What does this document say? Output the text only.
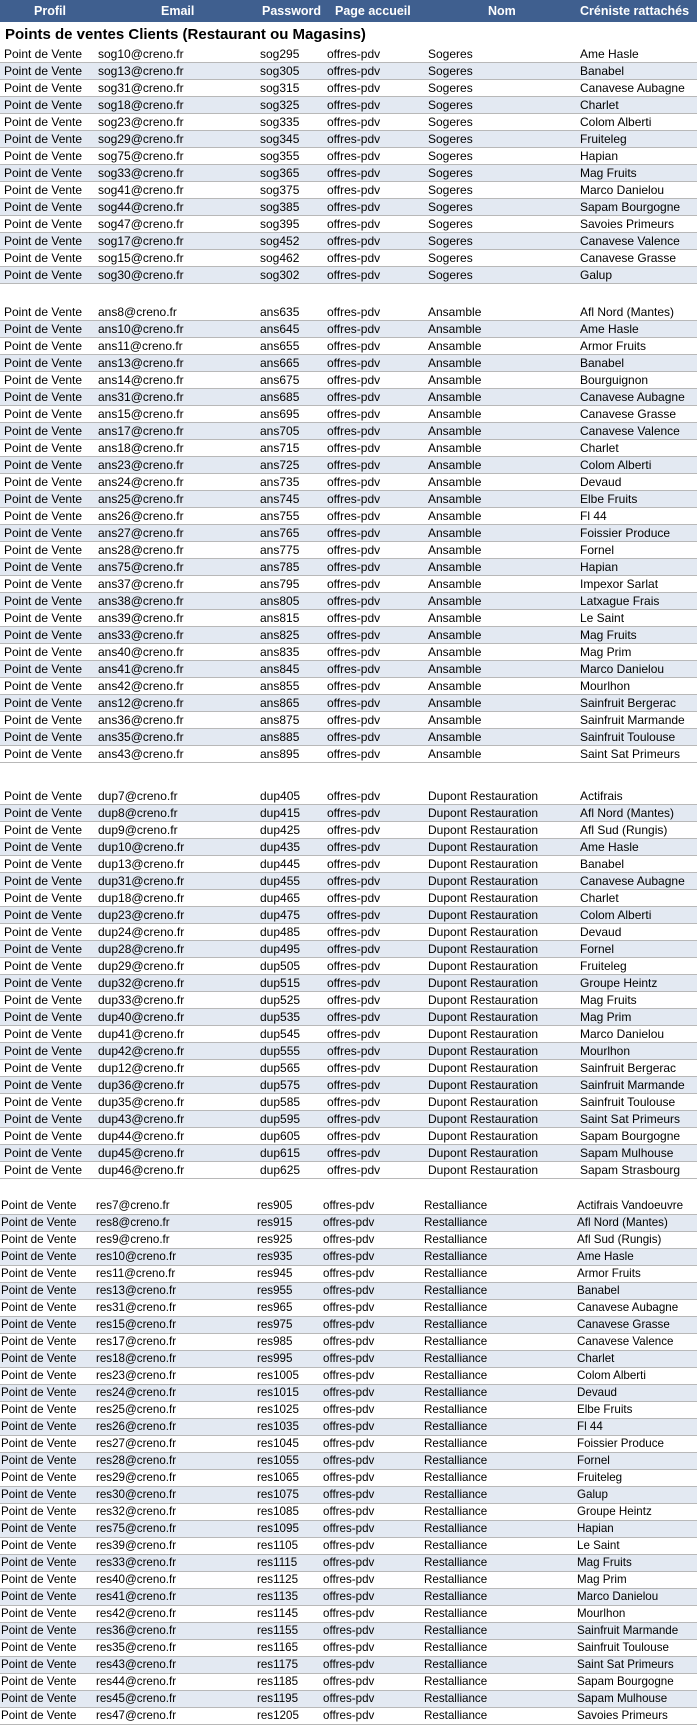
Profil	Email	Password Page accueil	Nom	Créniste rattachés
Points de ventes Clients (Restaurant ou Magasins)
Point de Vente sog10@creno.fr	sog295 offres-pdv	Sogeres	Ame Hasle
Point de Vente sog13@creno.fr	sog305 offres-pdv	Sogeres	Banabel
Point de Vente sog31@creno.fr	sog315 offres-pdv	Sogeres	Canavese Aubagne
Point de Vente sog18@creno.fr	sog325 offres-pdv	Sogeres	Charlet
Point de Vente sog23@creno.fr	sog335 offres-pdv	Sogeres	Colom Alberti
Point de Vente sog29@creno.fr	sog345 offres-pdv	Sogeres	Fruiteleg
Point de Vente sog75@creno.fr	sog355 offres-pdv	Sogeres	Hapian
Point de Vente sog33@creno.fr	sog365 offres-pdv	Sogeres	Mag Fruits
Point de Vente sog41@creno.fr	sog375 offres-pdv	Sogeres	Marco Danielou
Point de Vente sog44@creno.fr	sog385 offres-pdv	Sogeres	Sapam Bourgogne
Point de Vente sog47@creno.fr	sog395 offres-pdv	Sogeres	Savoies Primeurs
Point de Vente sog17@creno.fr	sog452 offres-pdv	Sogeres	Canavese Valence
Point de Vente sog15@creno.fr	sog462 offres-pdv	Sogeres	Canavese Grasse
Point de Vente sog30@creno.fr	sog302 offres-pdv	Sogeres	Galup
Point de Vente ans8@creno.fr	ans635 offres-pdv	Ansamble	Afl Nord (Mantes)
Point de Vente ans10@creno.fr	ans645 offres-pdv	Ansamble	Ame Hasle
Point de Vente ans11@creno.fr	ans655 offres-pdv	Ansamble	Armor Fruits
Point de Vente ans13@creno.fr	ans665 offres-pdv	Ansamble	Banabel
Point de Vente ans14@creno.fr	ans675 offres-pdv	Ansamble	Bourguignon
Point de Vente ans31@creno.fr	ans685 offres-pdv	Ansamble	Canavese Aubagne
Point de Vente ans15@creno.fr	ans695 offres-pdv	Ansamble	Canavese Grasse
Point de Vente ans17@creno.fr	ans705 offres-pdv	Ansamble	Canavese Valence
Point de Vente ans18@creno.fr	ans715 offres-pdv	Ansamble	Charlet
Point de Vente ans23@creno.fr	ans725 offres-pdv	Ansamble	Colom Alberti
Point de Vente ans24@creno.fr	ans735 offres-pdv	Ansamble	Devaud
Point de Vente ans25@creno.fr	ans745 offres-pdv	Ansamble	Elbe Fruits
Point de Vente ans26@creno.fr	ans755 offres-pdv	Ansamble	Fl 44
Point de Vente ans27@creno.fr	ans765 offres-pdv	Ansamble	Foissier Produce
Point de Vente ans28@creno.fr	ans775 offres-pdv	Ansamble	Fornel
Point de Vente ans75@creno.fr	ans785 offres-pdv	Ansamble	Hapian
Point de Vente ans37@creno.fr	ans795 offres-pdv	Ansamble	Impexor Sarlat
Point de Vente ans38@creno.fr	ans805 offres-pdv	Ansamble	Latxague Frais
Point de Vente ans39@creno.fr	ans815 offres-pdv	Ansamble	Le Saint
Point de Vente ans33@creno.fr	ans825 offres-pdv	Ansamble	Mag Fruits
Point de Vente ans40@creno.fr	ans835 offres-pdv	Ansamble	Mag Prim
Point de Vente ans41@creno.fr	ans845 offres-pdv	Ansamble	Marco Danielou
Point de Vente ans42@creno.fr	ans855 offres-pdv	Ansamble	Mourlhon
Point de Vente ans12@creno.fr	ans865 offres-pdv	Ansamble	Sainfruit Bergerac
Point de Vente ans36@creno.fr	ans875 offres-pdv	Ansamble	Sainfruit Marmande
Point de Vente ans35@creno.fr	ans885 offres-pdv	Ansamble	Sainfruit Toulouse
Point de Vente ans43@creno.fr	ans895 offres-pdv	Ansamble	Saint Sat Primeurs
Point de Vente dup7@creno.fr	dup405 offres-pdv	Dupont Restauration	Actifrais
Point de Vente dup8@creno.fr	dup415 offres-pdv	Dupont Restauration	Afl Nord (Mantes)
Point de Vente dup9@creno.fr	dup425 offres-pdv	Dupont Restauration	Afl Sud (Rungis)
Point de Vente dup10@creno.fr	dup435 offres-pdv	Dupont Restauration	Ame Hasle
Point de Vente dup13@creno.fr	dup445 offres-pdv	Dupont Restauration	Banabel
Point de Vente dup31@creno.fr	dup455 offres-pdv	Dupont Restauration	Canavese Aubagne
Point de Vente dup18@creno.fr	dup465 offres-pdv	Dupont Restauration	Charlet
Point de Vente dup23@creno.fr	dup475 offres-pdv	Dupont Restauration	Colom Alberti
Point de Vente dup24@creno.fr	dup485 offres-pdv	Dupont Restauration	Devaud
Point de Vente dup28@creno.fr	dup495 offres-pdv	Dupont Restauration	Fornel
Point de Vente dup29@creno.fr	dup505 offres-pdv	Dupont Restauration	Fruiteleg
Point de Vente dup32@creno.fr	dup515 offres-pdv	Dupont Restauration	Groupe Heintz
Point de Vente dup33@creno.fr	dup525 offres-pdv	Dupont Restauration	Mag Fruits
Point de Vente dup40@creno.fr	dup535 offres-pdv	Dupont Restauration	Mag Prim
Point de Vente dup41@creno.fr	dup545 offres-pdv	Dupont Restauration	Marco Danielou
Point de Vente dup42@creno.fr	dup555 offres-pdv	Dupont Restauration	Mourlhon
Point de Vente dup12@creno.fr	dup565 offres-pdv	Dupont Restauration	Sainfruit Bergerac
Point de Vente dup36@creno.fr	dup575 offres-pdv	Dupont Restauration	Sainfruit Marmande
Point de Vente dup35@creno.fr	dup585 offres-pdv	Dupont Restauration	Sainfruit Toulouse
Point de Vente dup43@creno.fr	dup595 offres-pdv	Dupont Restauration	Saint Sat Primeurs
Point de Vente dup44@creno.fr	dup605 offres-pdv	Dupont Restauration	Sapam Bourgogne
Point de Vente dup45@creno.fr	dup615 offres-pdv	Dupont Restauration	Sapam Mulhouse
Point de Vente dup46@creno.fr	dup625 offres-pdv	Dupont Restauration	Sapam Strasbourg
Point de Vente res7@creno.fr	res905	offres-pdv	Restalliance	Actifrais Vandoeuvre
Point de Vente res8@creno.fr	res915	offres-pdv	Restalliance	Afl Nord (Mantes)
Point de Vente res9@creno.fr	res925	offres-pdv	Restalliance	Afl Sud (Rungis)
Point de Vente res10@creno.fr	res935	offres-pdv	Restalliance	Ame Hasle
Point de Vente res11@creno.fr	res945	offres-pdv	Restalliance	Armor Fruits
Point de Vente res13@creno.fr	res955	offres-pdv	Restalliance	Banabel
Point de Vente res31@creno.fr	res965	offres-pdv	Restalliance	Canavese Aubagne
Point de Vente res15@creno.fr	res975	offres-pdv	Restalliance	Canavese Grasse
Point de Vente res17@creno.fr	res985	offres-pdv	Restalliance	Canavese Valence
Point de Vente res18@creno.fr	res995	offres-pdv	Restalliance	Charlet
Point de Vente res23@creno.fr	res1005 offres-pdv	Restalliance	Colom Alberti
Point de Vente res24@creno.fr	res1015 offres-pdv	Restalliance	Devaud
Point de Vente res25@creno.fr	res1025 offres-pdv	Restalliance	Elbe Fruits
Point de Vente res26@creno.fr	res1035 offres-pdv	Restalliance	Fl 44
Point de Vente res27@creno.fr	res1045 offres-pdv	Restalliance	Foissier Produce
Point de Vente res28@creno.fr	res1055 offres-pdv	Restalliance	Fornel
Point de Vente res29@creno.fr	res1065 offres-pdv	Restalliance	Fruiteleg
Point de Vente res30@creno.fr	res1075 offres-pdv	Restalliance	Galup
Point de Vente res32@creno.fr	res1085 offres-pdv	Restalliance	Groupe Heintz
Point de Vente res75@creno.fr	res1095 offres-pdv	Restalliance	Hapian
Point de Vente res39@creno.fr	res1105 offres-pdv	Restalliance	Le Saint
Point de Vente res33@creno.fr	res1115 offres-pdv	Restalliance	Mag Fruits
Point de Vente res40@creno.fr	res1125 offres-pdv	Restalliance	Mag Prim
Point de Vente res41@creno.fr	res1135 offres-pdv	Restalliance	Marco Danielou
Point de Vente res42@creno.fr	res1145 offres-pdv	Restalliance	Mourlhon
Point de Vente res36@creno.fr	res1155 offres-pdv	Restalliance	Sainfruit Marmande
Point de Vente res35@creno.fr	res1165 offres-pdv	Restalliance	Sainfruit Toulouse
Point de Vente res43@creno.fr	res1175 offres-pdv	Restalliance	Saint Sat Primeurs
Point de Vente res44@creno.fr	res1185 offres-pdv	Restalliance	Sapam Bourgogne
Point de Vente res45@creno.fr	res1195 offres-pdv	Restalliance	Sapam Mulhouse
Point de Vente res47@creno.fr	res1205 offres-pdv	Restalliance	Savoies Primeurs
